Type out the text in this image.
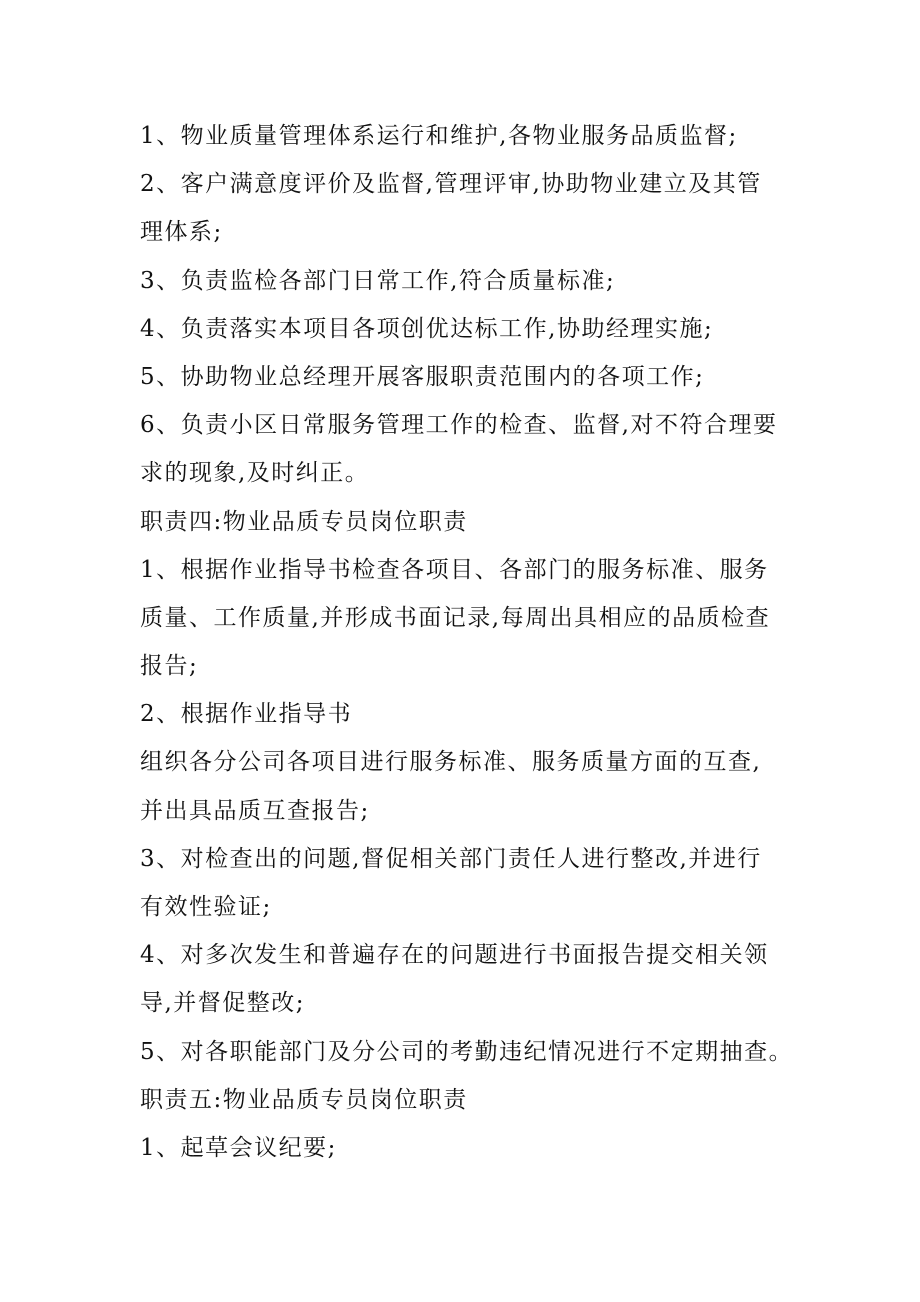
1、物业质量管理体系运行和维护,各物业服务品质监督;
2、客户满意度评价及监督,管理评审,协助物业建立及其管
理体系;
3、负责监检各部门日常工作,符合质量标准;
4、负责落实本项目各项创优达标工作,协助经理实施;
5、协助物业总经理开展客服职责范围内的各项工作;
6、负责小区日常服务管理工作的检查、监督,对不符合理要
求的现象,及时纠正。
职责四:物业品质专员岗位职责
1、根据作业指导书检查各项目、各部门的服务标准、服务
质量、工作质量,并形成书面记录,每周出具相应的品质检查
报告;
2、根据作业指导书
组织各分公司各项目进行服务标准、服务质量方面的互查,
并出具品质互查报告;
3、对检查出的问题,督促相关部门责任人进行整改,并进行
有效性验证;
4、对多次发生和普遍存在的问题进行书面报告提交相关领
导,并督促整改;
5、对各职能部门及分公司的考勤违纪情况进行不定期抽查。
职责五:物业品质专员岗位职责
1、起草会议纪要;
